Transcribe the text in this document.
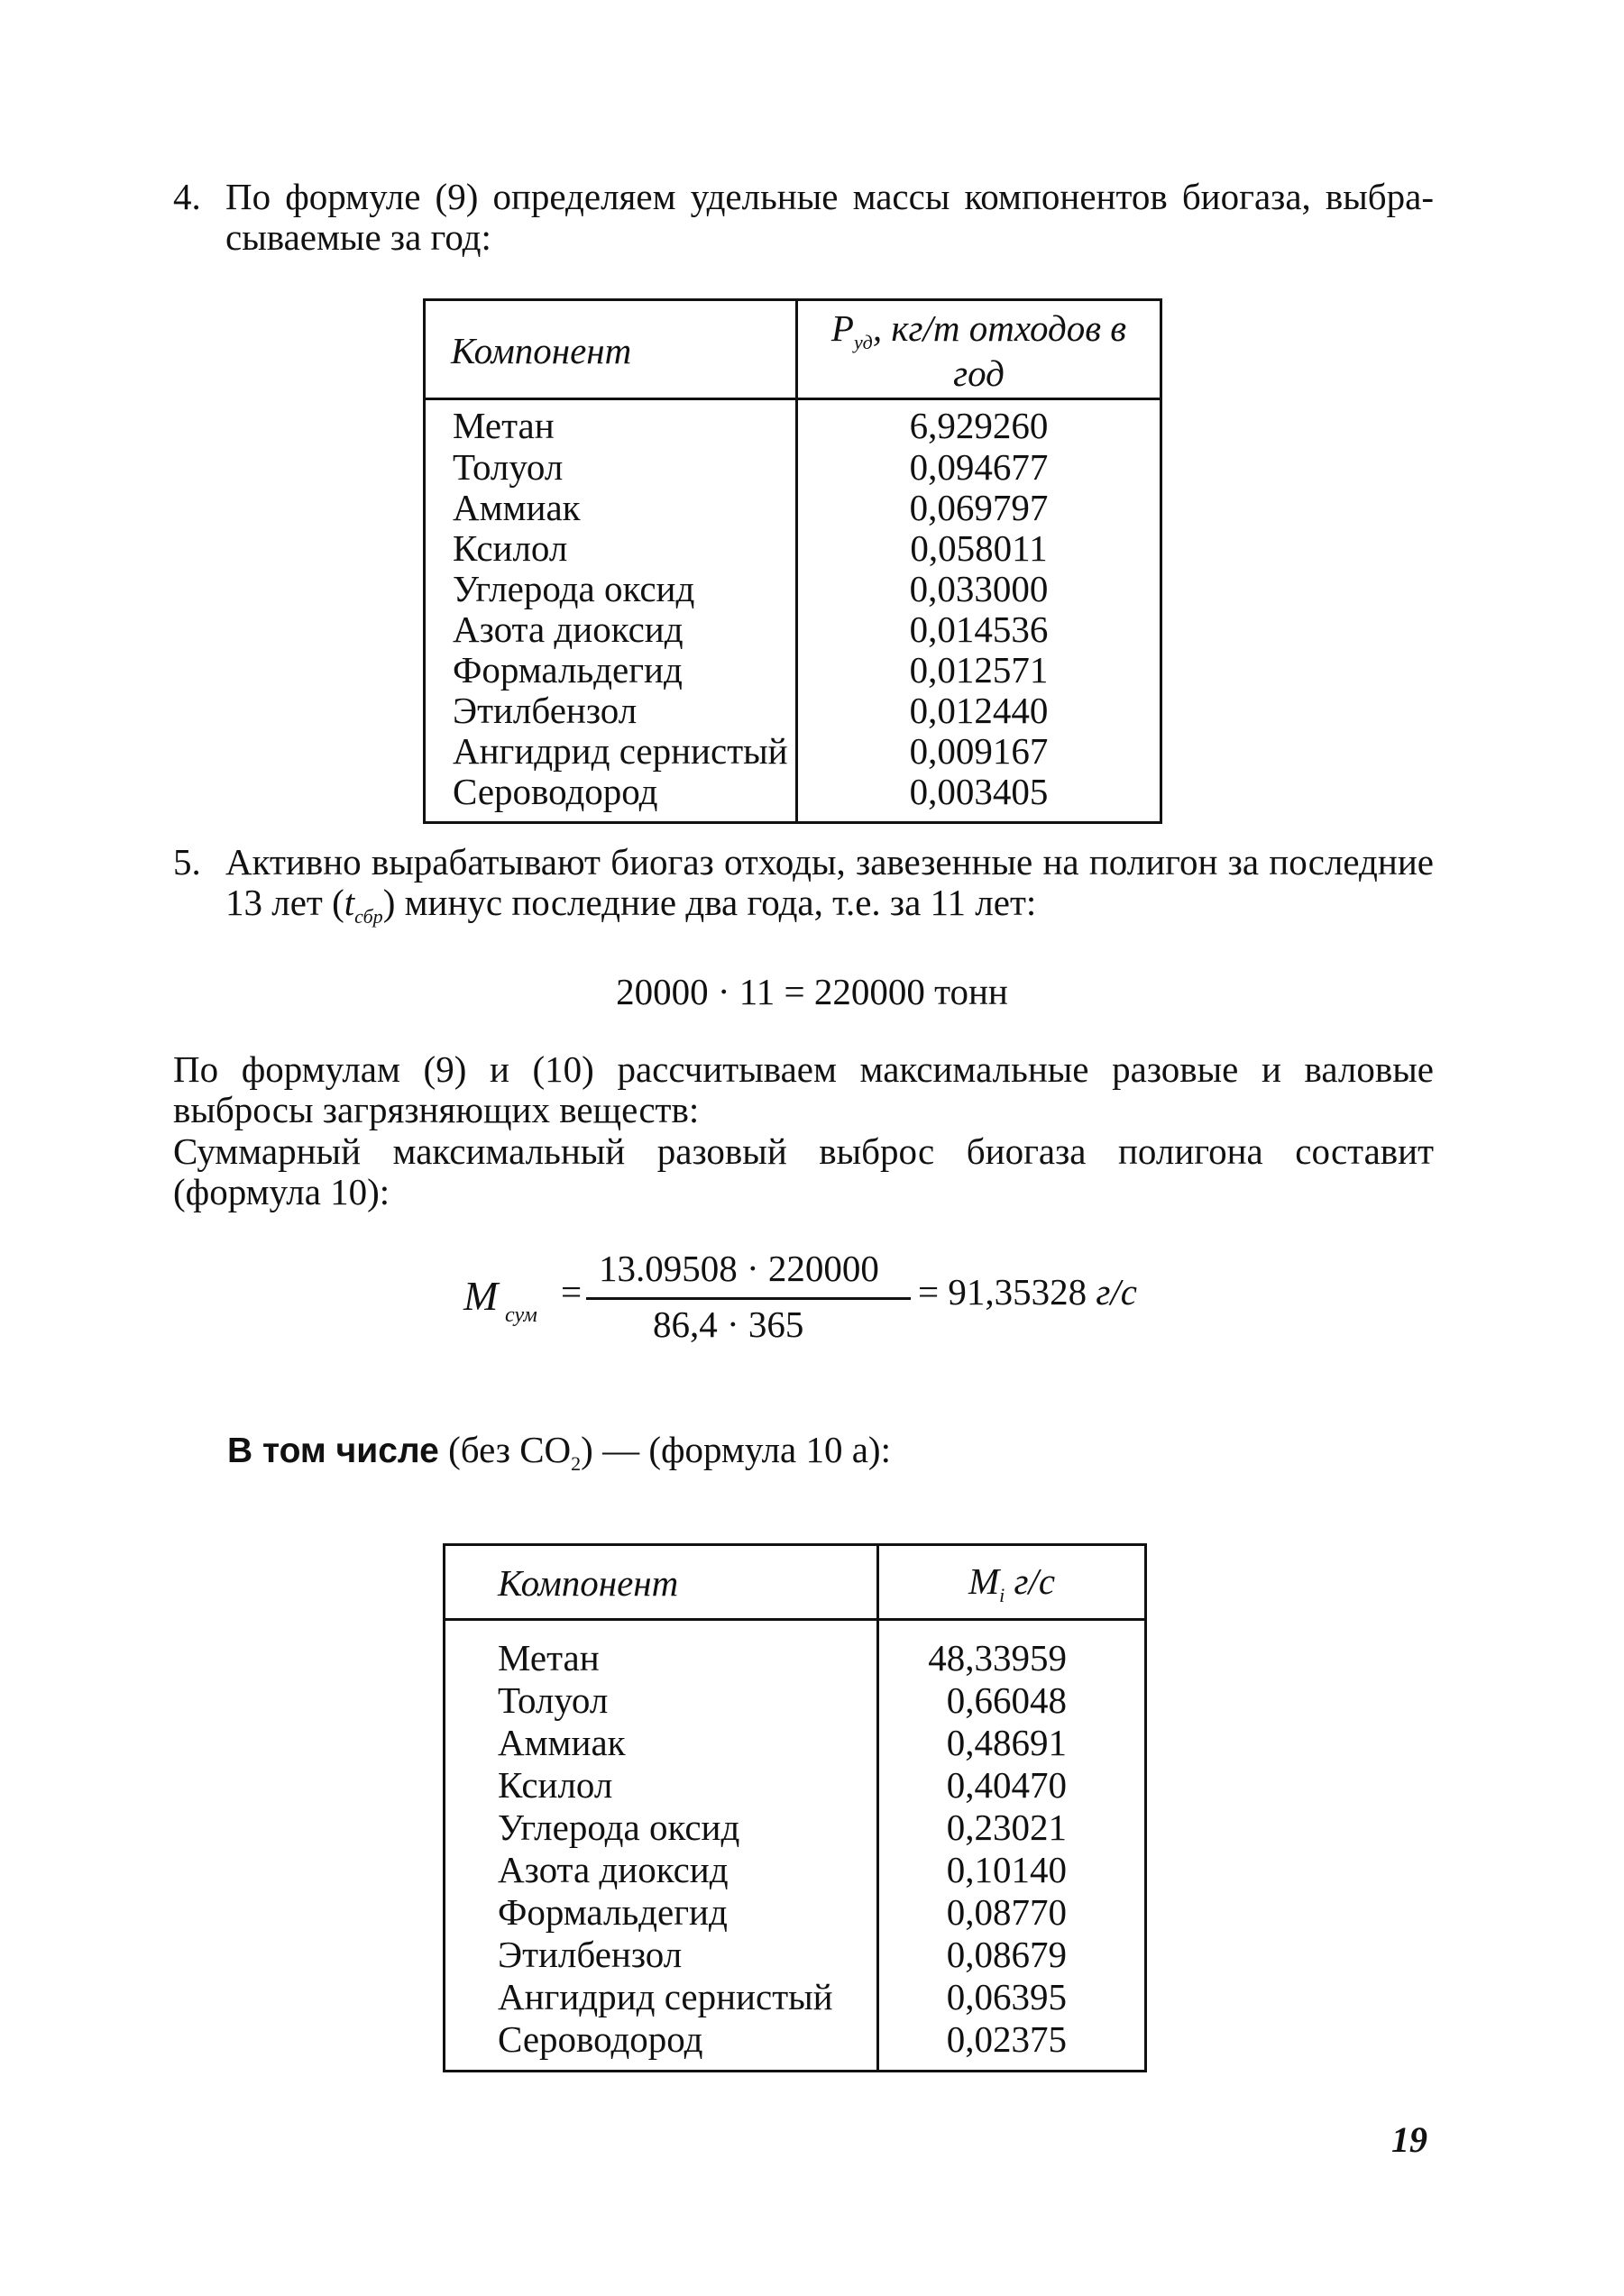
4. По формуле (9) определяем удельные массы компонентов биогаза, выбра-
сываемые за год:
Компонент	$P_{уд}$, кг/т отходов в год
Метан	6,929260
Толуол	0,094677
Аммиак	0,069797
Ксилол	0,058011
Углерода оксид	0,033000
Азота диоксид	0,014536
Формальдегид	0,012571
Этилбензол	0,012440
Ангидрид сернистый	0,009167
Сероводород	0,003405
5. Активно вырабатывают биогаз отходы, завезенные на полигон за последние
13 лет $(t_{сбр})$ минус последние два года, т.е. за 11 лет:
20000 · 11 = 220000 тонн
По формулам (9) и (10) рассчитываем максимальные разовые и валовые
выбросы загрязняющих веществ:
Суммарный максимальный разовый выброс биогаза полигона составит
(формула 10):
M сум
=
13.09508 · 220000
86,4 · 365
= 91,35328 г/с
В том числе (без $CO_2$) — (формула 10 а):
Компонент	$M_i$ г/с
Метан	48,33959
Толуол	0,66048
Аммиак	0,48691
Ксилол	0,40470
Углерода оксид	0,23021
Азота диоксид	0,10140
Формальдегид	0,08770
Этилбензол	0,08679
Ангидрид сернистый	0,06395
Сероводород	0,02375
19
